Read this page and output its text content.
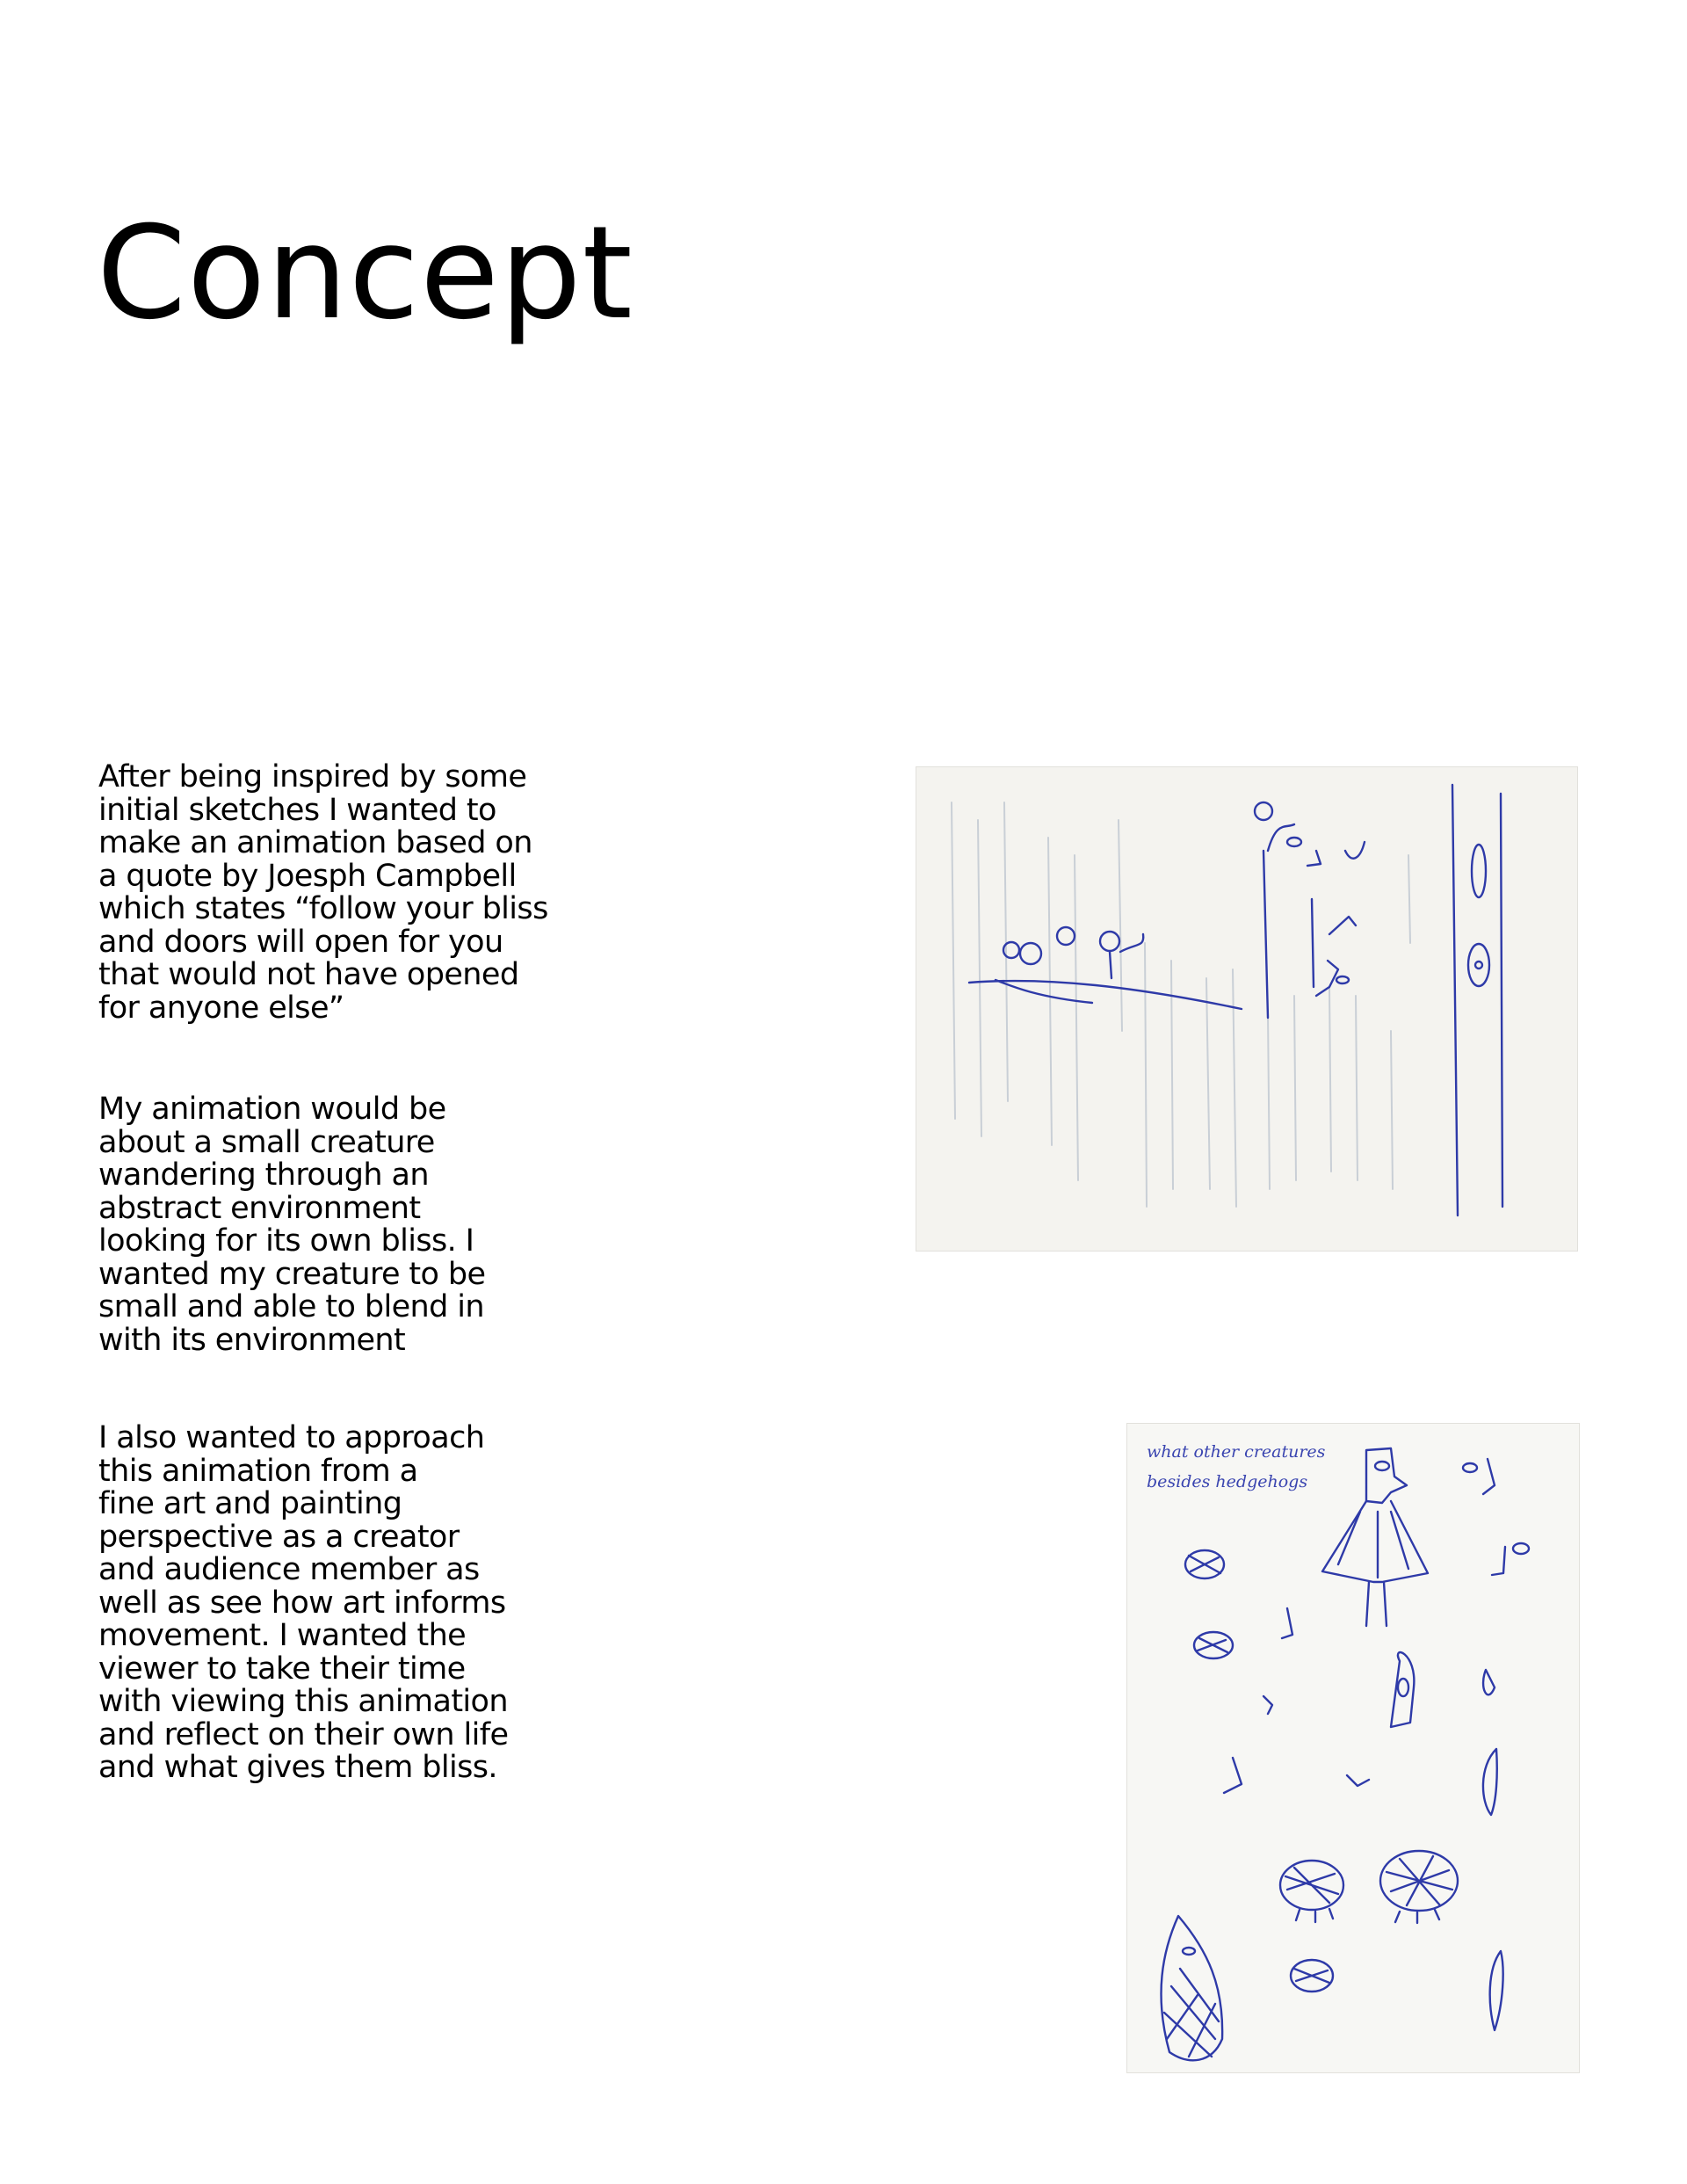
Concept

After being inspired by some
initial sketches I wanted to
make an animation based on
a quote by Joesph Campbell
which states “follow your bliss
and doors will open for you
that would not have opened
for anyone else”

My animation would be
about a small creature
wandering through an
abstract environment
looking for its own bliss. I
wanted my creature to be
small and able to blend in
with its environment

I also wanted to approach
this animation from a
fine art and painting
perspective as a creator
and audience member as
well as see how art informs
movement. I wanted the
viewer to take their time
with viewing this animation
and reflect on their own life
and what gives them bliss.

what other creatures
besides hedgehogs
